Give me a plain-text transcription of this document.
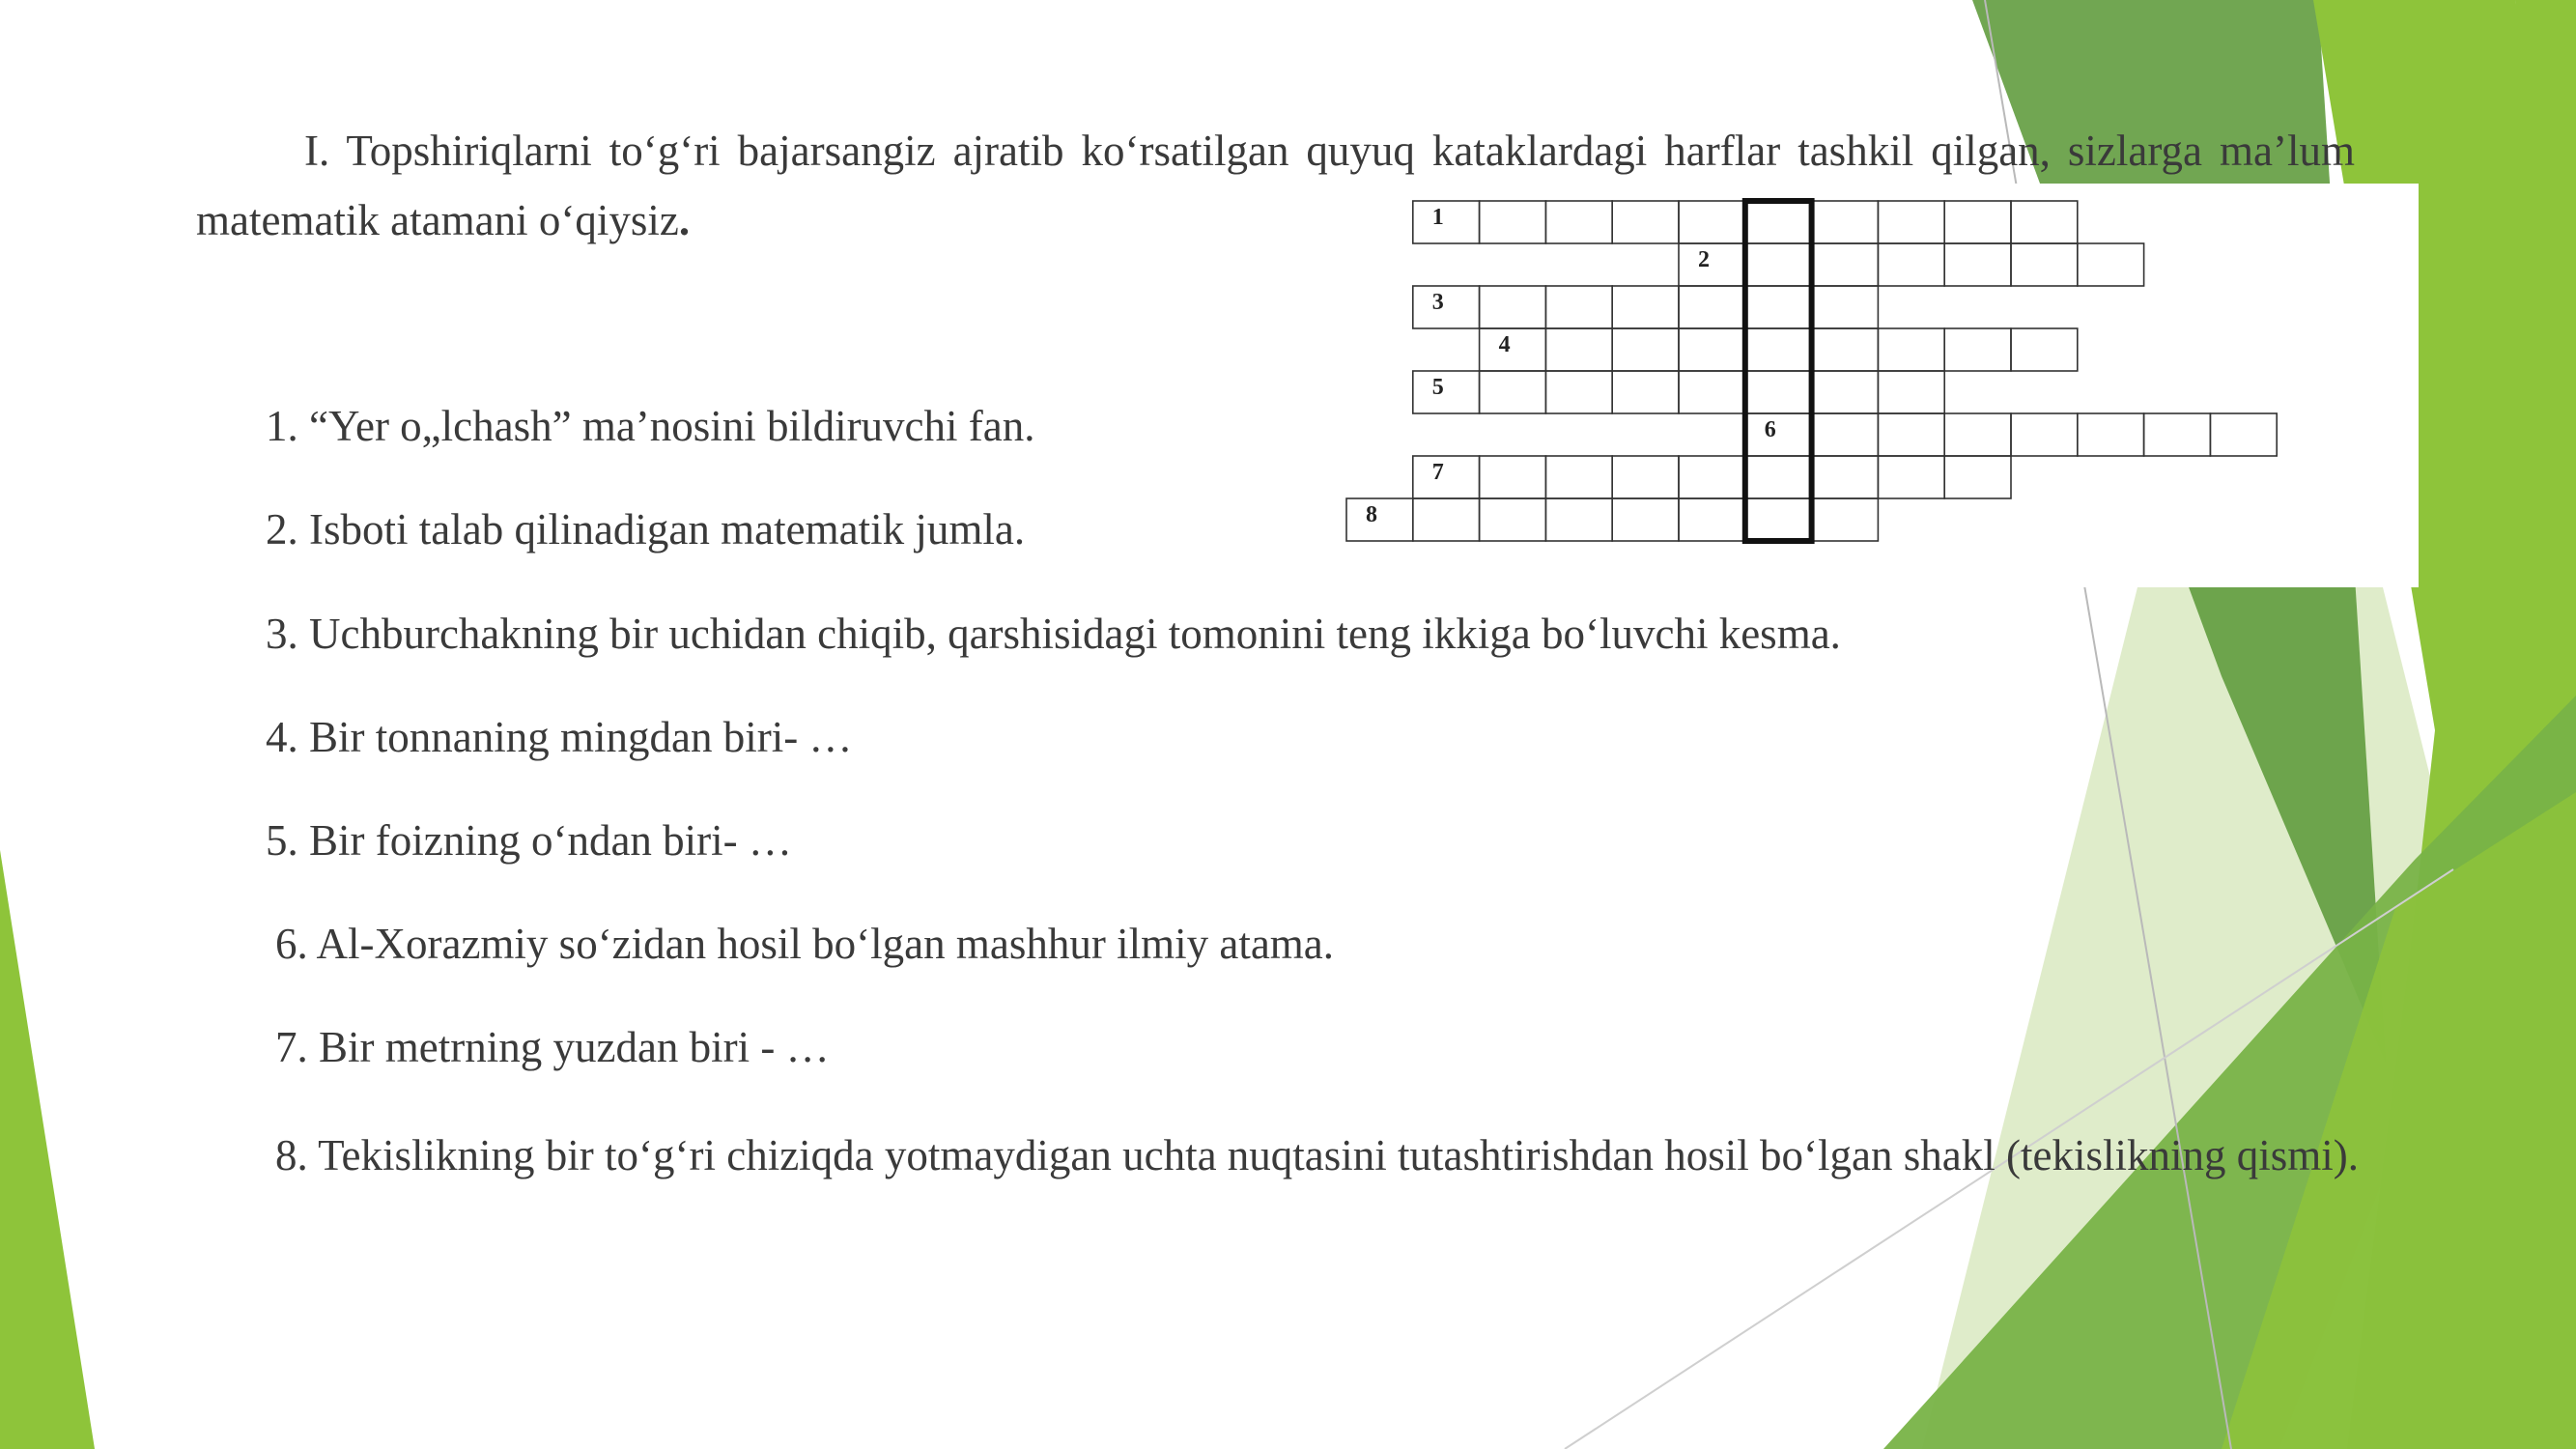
1
2
3
4
5
6
7
8
I. Topshiriqlarni to‘g‘ri bajarsangiz ajratib ko‘rsatilgan quyuq kataklardagi harflar tashkil qilgan, sizlarga ma’lum matematik atamani o‘qiysiz.
1. “Yer o„lchash” ma’nosini bildiruvchi fan.
2. Isboti talab qilinadigan matematik jumla.
3. Uchburchakning bir uchidan chiqib, qarshisidagi tomonini teng ikkiga bo‘luvchi kesma.
4. Bir tonnaning mingdan biri- …
5. Bir foizning o‘ndan biri- …
6. Al-Xorazmiy so‘zidan hosil bo‘lgan mashhur ilmiy atama.
7. Bir metrning yuzdan biri - …
8. Tekislikning bir to‘g‘ri chiziqda yotmaydigan uchta nuqtasini tutashtirishdan hosil bo‘lgan shakl (tekislikning qismi).
